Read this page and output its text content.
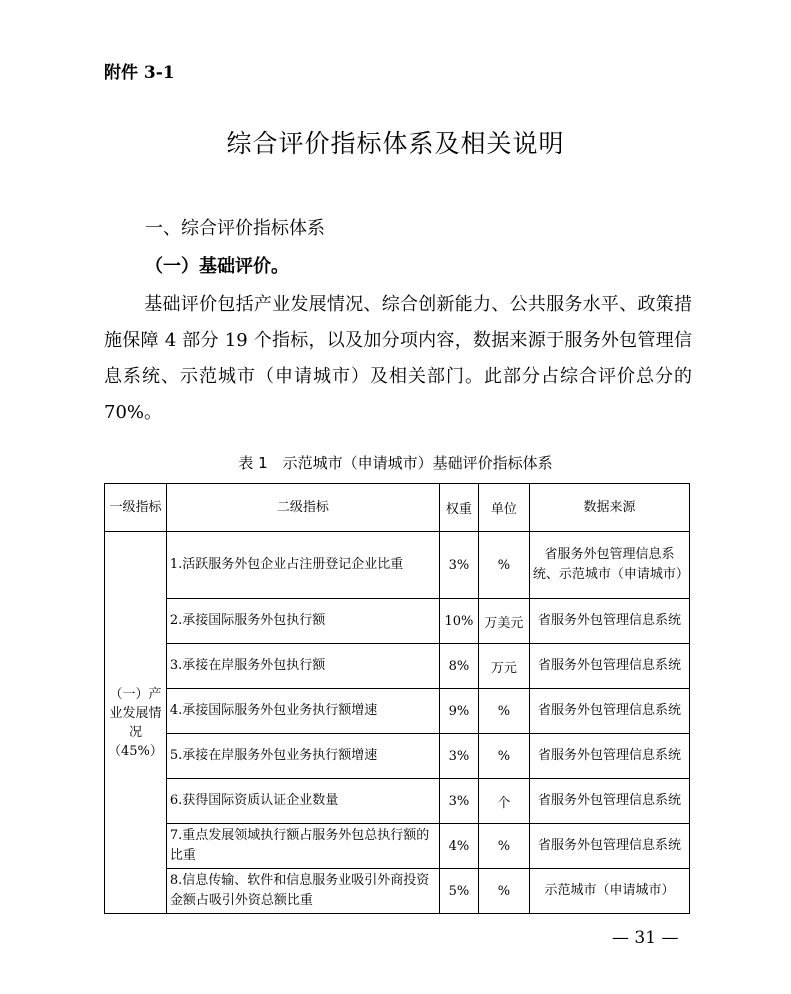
附件 3-1
综合评价指标体系及相关说明
一、综合评价指标体系
（一）基础评价。
基础评价包括产业发展情况、综合创新能力、公共服务水平、政策措施保障 4 部分 19 个指标，以及加分项内容，数据来源于服务外包管理信息系统、示范城市（申请城市）及相关部门。此部分占综合评价总分的 70%。
表 1　示范城市（申请城市）基础评价指标体系
一级指标	二级指标	权重	单位	数据来源
（一）产业发展情况（45%）	1.活跃服务外包企业占注册登记企业比重	3%	%	省服务外包管理信息系统、示范城市（申请城市）
	2.承接国际服务外包执行额	10%	万美元	省服务外包管理信息系统
	3.承接在岸服务外包执行额	8%	万元	省服务外包管理信息系统
	4.承接国际服务外包业务执行额增速	9%	%	省服务外包管理信息系统
	5.承接在岸服务外包业务执行额增速	3%	%	省服务外包管理信息系统
	6.获得国际资质认证企业数量	3%	个	省服务外包管理信息系统
	7.重点发展领域执行额占服务外包总执行额的比重	4%	%	省服务外包管理信息系统
	8.信息传输、软件和信息服务业吸引外商投资金额占吸引外资总额比重	5%	%	示范城市（申请城市）
— 31 —
